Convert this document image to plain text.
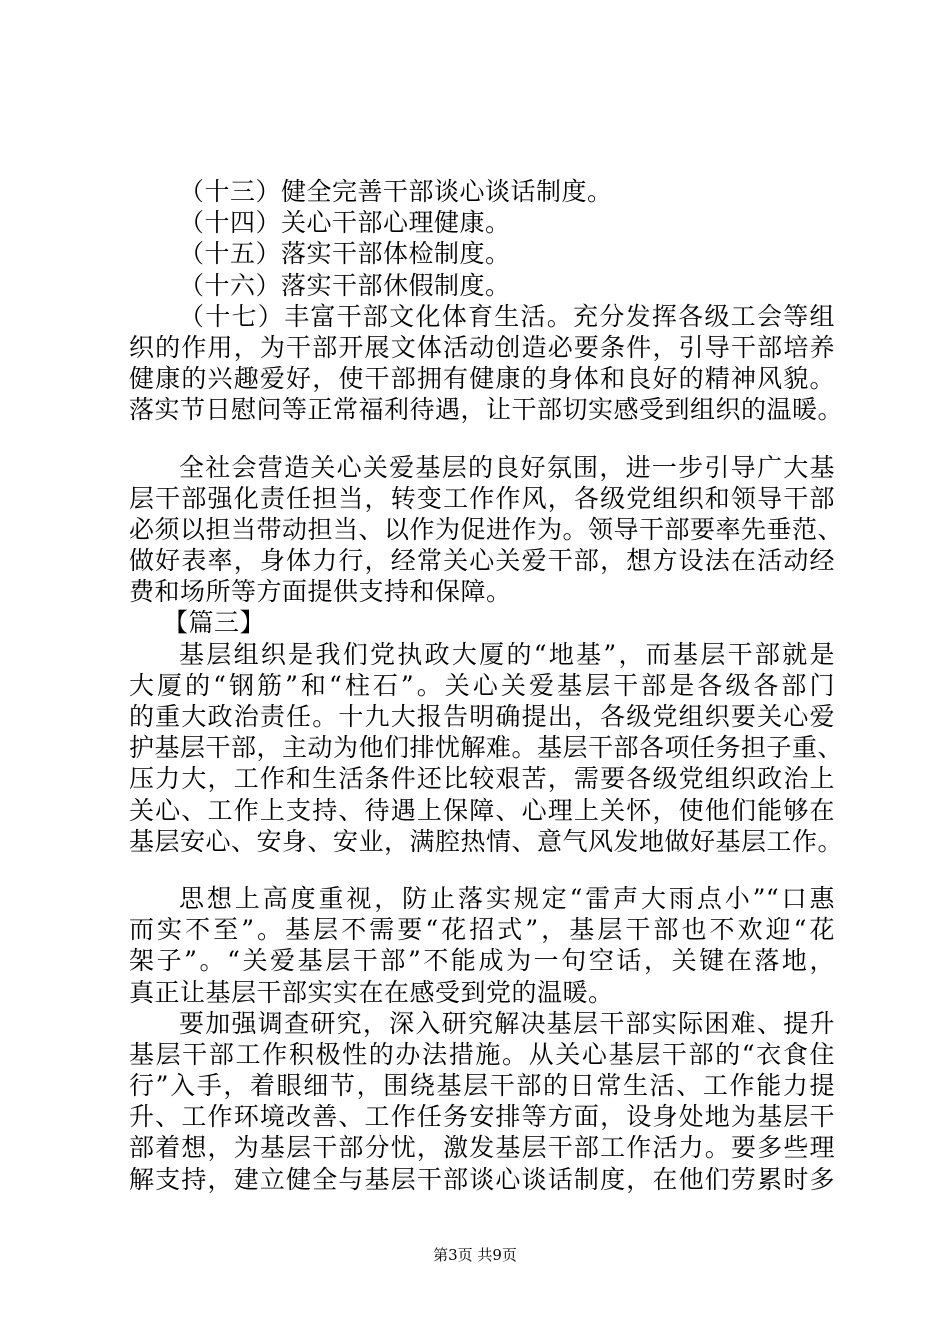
（十三）健全完善干部谈心谈话制度。
（十四）关心干部心理健康。
（十五）落实干部体检制度。
（十六）落实干部休假制度。
（十七）丰富干部文化体育生活。充分发挥各级工会等组
织的作用，为干部开展文体活动创造必要条件，引导干部培养
健康的兴趣爱好，使干部拥有健康的身体和良好的精神风貌。
落实节日慰问等正常福利待遇，让干部切实感受到组织的温暖。
全社会营造关心关爱基层的良好氛围，进一步引导广大基
层干部强化责任担当，转变工作作风，各级党组织和领导干部
必须以担当带动担当、以作为促进作为。领导干部要率先垂范、
做好表率，身体力行，经常关心关爱干部，想方设法在活动经
费和场所等方面提供支持和保障。
【篇三】
基层组织是我们党执政大厦的“地基”，而基层干部就是
大厦的“钢筋”和“柱石”。关心关爱基层干部是各级各部门
的重大政治责任。十九大报告明确提出，各级党组织要关心爱
护基层干部，主动为他们排忧解难。基层干部各项任务担子重、
压力大，工作和生活条件还比较艰苦，需要各级党组织政治上
关心、工作上支持、待遇上保障、心理上关怀，使他们能够在
基层安心、安身、安业，满腔热情、意气风发地做好基层工作。
思想上高度重视，防止落实规定“雷声大雨点小”“口惠
而实不至”。基层不需要“花招式”，基层干部也不欢迎“花
架子”。“关爱基层干部”不能成为一句空话，关键在落地，
真正让基层干部实实在在感受到党的温暖。
要加强调查研究，深入研究解决基层干部实际困难、提升
基层干部工作积极性的办法措施。从关心基层干部的“衣食住
行”入手，着眼细节，围绕基层干部的日常生活、工作能力提
升、工作环境改善、工作任务安排等方面，设身处地为基层干
部着想，为基层干部分忧，激发基层干部工作活力。要多些理
解支持，建立健全与基层干部谈心谈话制度，在他们劳累时多
第3页 共9页
